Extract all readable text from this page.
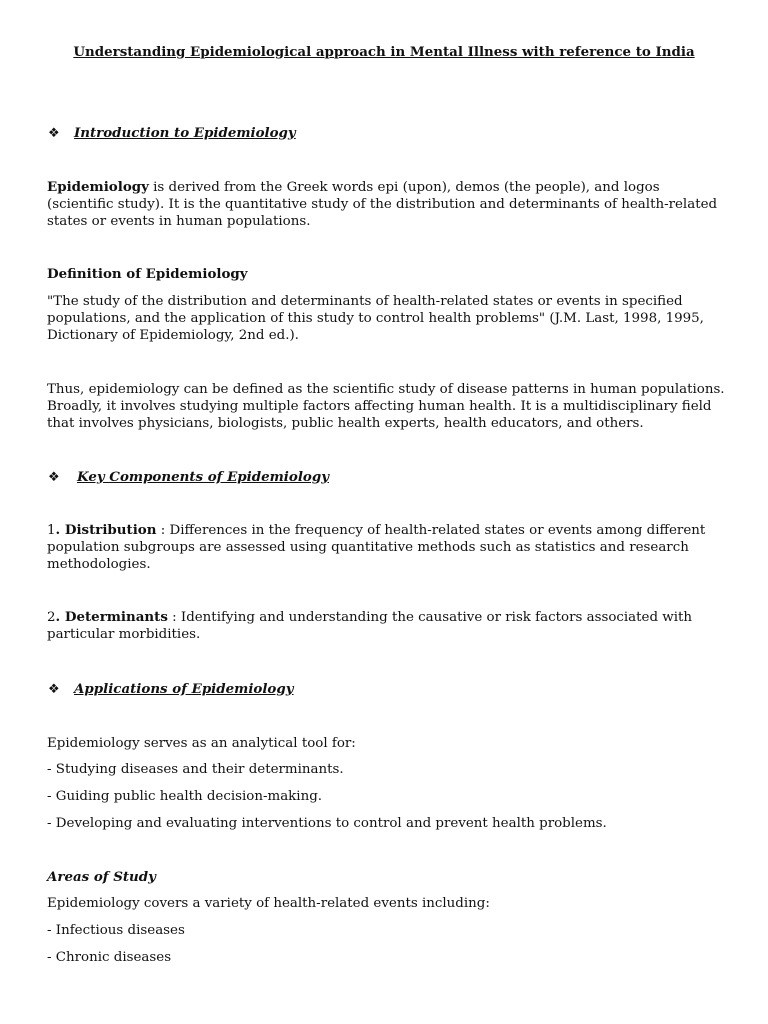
Understanding Epidemiological approach in Mental Illness with reference to India
❖	Introduction to Epidemiology

Epidemiology is derived from the Greek words epi (upon), demos (the people), and logos (scientific study). It is the quantitative study of the distribution and determinants of health-related states or events in human populations.

Definition of Epidemiology

"The study of the distribution and determinants of health-related states or events in specified populations, and the application of this study to control health problems" (J.M. Last, 1998, 1995, Dictionary of Epidemiology, 2nd ed.).

Thus, epidemiology can be defined as the scientific study of disease patterns in human populations. Broadly, it involves studying multiple factors affecting human health. It is a multidisciplinary field that involves physicians, biologists, public health experts, health educators, and others.

❖	Key Components of Epidemiology

1. Distribution : Differences in the frequency of health-related states or events among different population subgroups are assessed using quantitative methods such as statistics and research methodologies.

2. Determinants : Identifying and understanding the causative or risk factors associated with particular morbidities.

❖	Applications of Epidemiology

Epidemiology serves as an analytical tool for:

- Studying diseases and their determinants.

- Guiding public health decision-making.

- Developing and evaluating interventions to control and prevent health problems.

Areas of Study

Epidemiology covers a variety of health-related events including:

- Infectious diseases

- Chronic diseases
